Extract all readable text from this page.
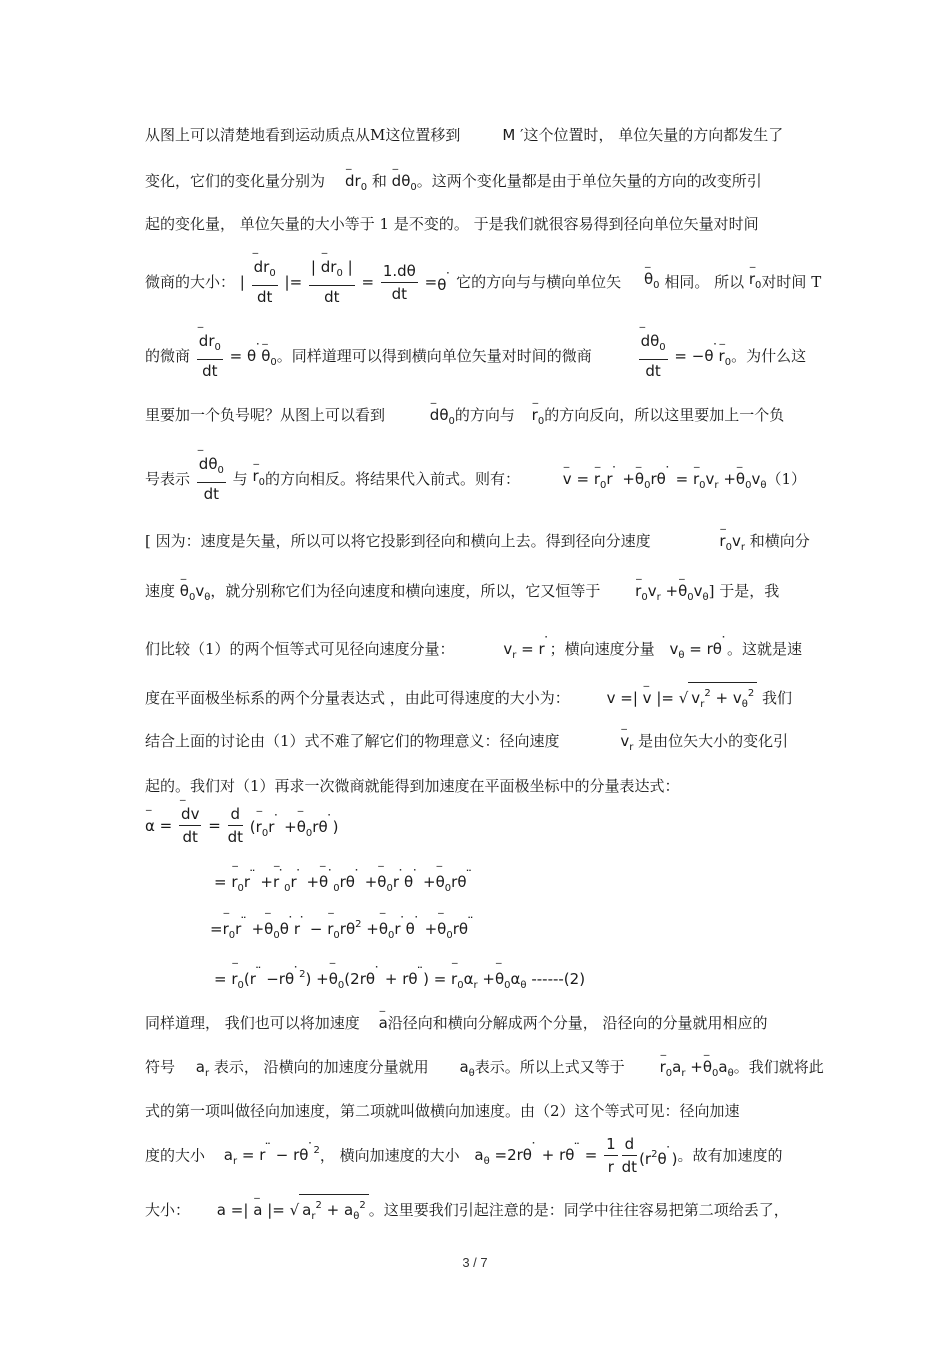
从图上可以清楚地看到运动质点从M这位置移到	M ′这个位置时， 单位矢量的方向都发生了
变化，它们的变化量分别为 ‾ $dr_0$ 和 ‾ $d\theta_0$。这两个变化量都是由于单位矢量的方向的改变所引
起的变化量， 单位矢量的大小等于 1 是不变的。 于是我们就很容易得到径向单位矢量对时间
微商的大小： | ‾ $\frac{dr_0}{dt}$ |= $\frac{| ‾ dr_0 |}{dt} = \frac{1.d\theta}{dt} =\theta$ ˙ 它的方向与与横向单位矢 ‾ $\theta_0$ 相同。 所以 ‾ $r_0$对时间 T
的微商 ‾ $\frac{dr_0}{dt} = \theta$ ˙ ‾ $\theta_0$。同样道理可以得到横向单位矢量对时间的微商	‾ $\frac{d\theta_0}{dt} = -\theta$ ˙ ‾ $r_0$。为什么这
里要加一个负号呢？从图上可以看到	‾ $d\theta_0$的方向与 ‾ $r_0$的方向反向，所以这里要加上一个负
号表示 ‾ $\frac{d\theta_0}{dt}$ 与 ‾ $r_0$的方向相反。将结果代入前式。则有：	‾ v = ‾ $r_0r$ ˙ +‾ $\theta_0r\theta$ ˙ = ‾ $r_0v_r$ +‾ $\theta_0v_\theta(1)$
[ 因为：速度是矢量，所以可以将它投影到径向和横向上去。得到径向分速度	‾ $r_0v_r$ 和横向分
速度 ‾ $\theta_0v_\theta$，就分别称它们为径向速度和横向速度，所以，它又恒等于 ‾ $r_0v_r$ +‾ $\theta_0v_\theta$] 于是，我
们比较（1）的两个恒等式可见径向速度分量：	$v_r = r$ ˙ ；横向速度分量 $v_\theta = r\theta$ ˙ 。这就是速
度在平面极坐标系的两个分量表达式 ，由此可得速度的大小为： v =| ‾ v |= √ $v_r^2 + v_\theta^2$ 我们
结合上面的讨论由（1）式不难了解它们的物理意义：径向速度	‾ $v_r$ 是由位矢大小的变化引
起的。我们对（1）再求一次微商就能得到加速度在平面极坐标中的分量表达式：
‾ α = ‾ $\frac{dv}{dt} = \frac{d}{dt}$ (‾ $r_0r$ ˙ +‾ $\theta_0r\theta$ ˙ )
= ‾ $r_0r$ ¨ +‾ r ˙ $_0$r ˙ +‾ θ ˙ $_0$rθ ˙ +‾ $\theta_0r$ ˙ θ ˙ +‾ $\theta_0r\theta$ ¨
=‾ $r_0r$ ¨ +‾ $\theta_0\theta$ ˙ r ˙ − ‾ $r_0r\theta^2$ +‾ $\theta_0r$ ˙ θ ˙ +‾ $\theta_0r\theta$ ¨
= ‾ $r_0(r$ ¨ −rθ ˙ $^2$) +‾ $\theta_0(2r\theta$ ˙ + rθ ¨ ) = ‾ $r_0\alpha_r$ +‾ $\theta_0\alpha_\theta$ ------(2)
同样道理， 我们也可以将加速度 ‾ a沿径向和横向分解成两个分量， 沿径向的分量就用相应的
符号 $a_r$ 表示， 沿横向的加速度分量就用 $a_\theta$表示。所以上式又等于 ‾ $r_0a_r$ +‾ $\theta_0a_\theta$。我们就将此
式的第一项叫做径向加速度，第二项就叫做横向加速度。由（2）这个等式可见：径向加速
度的大小 $a_r = r$ ¨ − rθ ˙ $^2$， 横向加速度的大小 $a_\theta =2r\theta$ ˙ + rθ ¨ = $\frac{1}{r} \frac{d}{dt} (r^2\theta$ ˙ )。故有加速度的
大小： a =| ‾ a |= √ $a_r^2 + a_\theta^2$ 。这里要我们引起注意的是：同学中往往容易把第二项给丢了，
3 / 7
